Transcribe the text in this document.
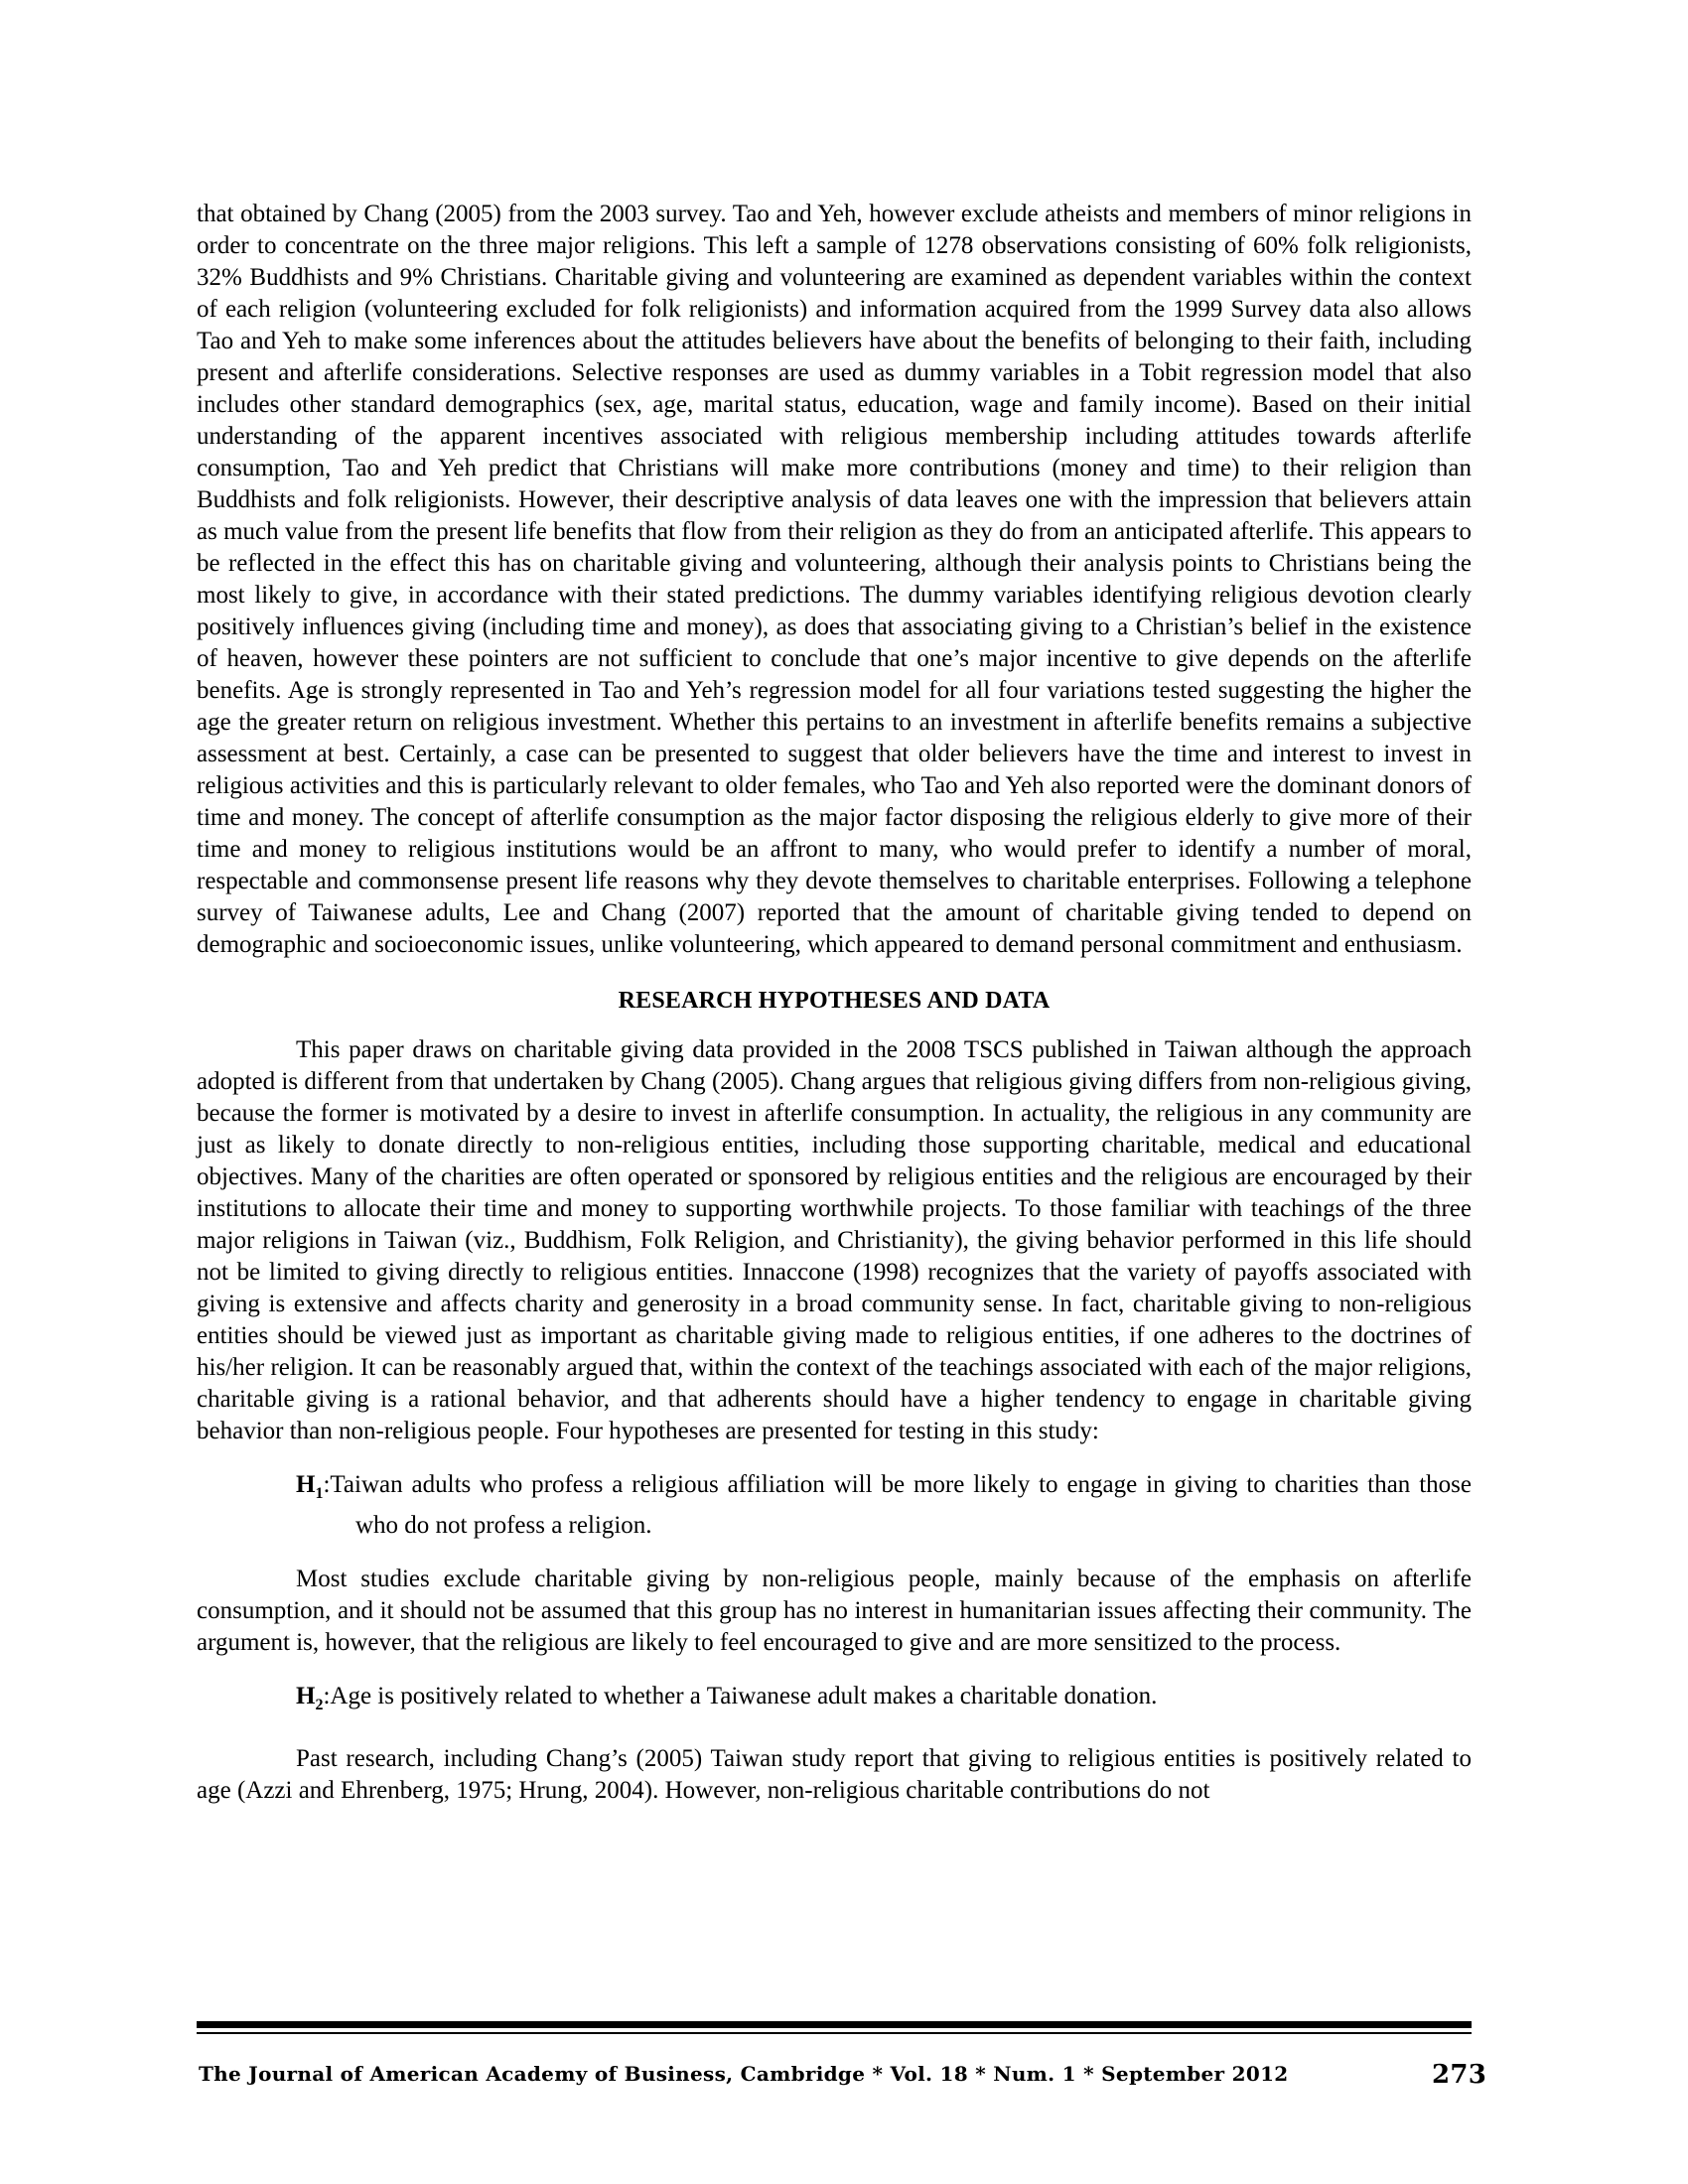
that obtained by Chang (2005) from the 2003 survey. Tao and Yeh, however exclude atheists and members of minor religions in order to concentrate on the three major religions. This left a sample of 1278 observations consisting of 60% folk religionists, 32% Buddhists and 9% Christians. Charitable giving and volunteering are examined as dependent variables within the context of each religion (volunteering excluded for folk religionists) and information acquired from the 1999 Survey data also allows Tao and Yeh to make some inferences about the attitudes believers have about the benefits of belonging to their faith, including present and afterlife considerations. Selective responses are used as dummy variables in a Tobit regression model that also includes other standard demographics (sex, age, marital status, education, wage and family income). Based on their initial understanding of the apparent incentives associated with religious membership including attitudes towards afterlife consumption, Tao and Yeh predict that Christians will make more contributions (money and time) to their religion than Buddhists and folk religionists. However, their descriptive analysis of data leaves one with the impression that believers attain as much value from the present life benefits that flow from their religion as they do from an anticipated afterlife. This appears to be reflected in the effect this has on charitable giving and volunteering, although their analysis points to Christians being the most likely to give, in accordance with their stated predictions. The dummy variables identifying religious devotion clearly positively influences giving (including time and money), as does that associating giving to a Christian’s belief in the existence of heaven, however these pointers are not sufficient to conclude that one’s major incentive to give depends on the afterlife benefits. Age is strongly represented in Tao and Yeh’s regression model for all four variations tested suggesting the higher the age the greater return on religious investment. Whether this pertains to an investment in afterlife benefits remains a subjective assessment at best. Certainly, a case can be presented to suggest that older believers have the time and interest to invest in religious activities and this is particularly relevant to older females, who Tao and Yeh also reported were the dominant donors of time and money. The concept of afterlife consumption as the major factor disposing the religious elderly to give more of their time and money to religious institutions would be an affront to many, who would prefer to identify a number of moral, respectable and commonsense present life reasons why they devote themselves to charitable enterprises. Following a telephone survey of Taiwanese adults, Lee and Chang (2007) reported that the amount of charitable giving tended to depend on demographic and socioeconomic issues, unlike volunteering, which appeared to demand personal commitment and enthusiasm.

RESEARCH HYPOTHESES AND DATA

This paper draws on charitable giving data provided in the 2008 TSCS published in Taiwan although the approach adopted is different from that undertaken by Chang (2005). Chang argues that religious giving differs from non-religious giving, because the former is motivated by a desire to invest in afterlife consumption. In actuality, the religious in any community are just as likely to donate directly to non-religious entities, including those supporting charitable, medical and educational objectives. Many of the charities are often operated or sponsored by religious entities and the religious are encouraged by their institutions to allocate their time and money to supporting worthwhile projects. To those familiar with teachings of the three major religions in Taiwan (viz., Buddhism, Folk Religion, and Christianity), the giving behavior performed in this life should not be limited to giving directly to religious entities. Innaccone (1998) recognizes that the variety of payoffs associated with giving is extensive and affects charity and generosity in a broad community sense. In fact, charitable giving to non-religious entities should be viewed just as important as charitable giving made to religious entities, if one adheres to the doctrines of his/her religion. It can be reasonably argued that, within the context of the teachings associated with each of the major religions, charitable giving is a rational behavior, and that adherents should have a higher tendency to engage in charitable giving behavior than non-religious people. Four hypotheses are presented for testing in this study:

$H_1:Taiwan$ adults who profess a religious affiliation will be more likely to engage in giving to charities than those who do not profess a religion.

Most studies exclude charitable giving by non-religious people, mainly because of the emphasis on afterlife consumption, and it should not be assumed that this group has no interest in humanitarian issues affecting their community. The argument is, however, that the religious are likely to feel encouraged to give and are more sensitized to the process.

$H_2:Age$ is positively related to whether a Taiwanese adult makes a charitable donation.

Past research, including Chang’s (2005) Taiwan study report that giving to religious entities is positively related to age (Azzi and Ehrenberg, 1975; Hrung, 2004). However, non-religious charitable contributions do not

The Journal of American Academy of Business, Cambridge * Vol. 18 * Num. 1 * September 2012	273
